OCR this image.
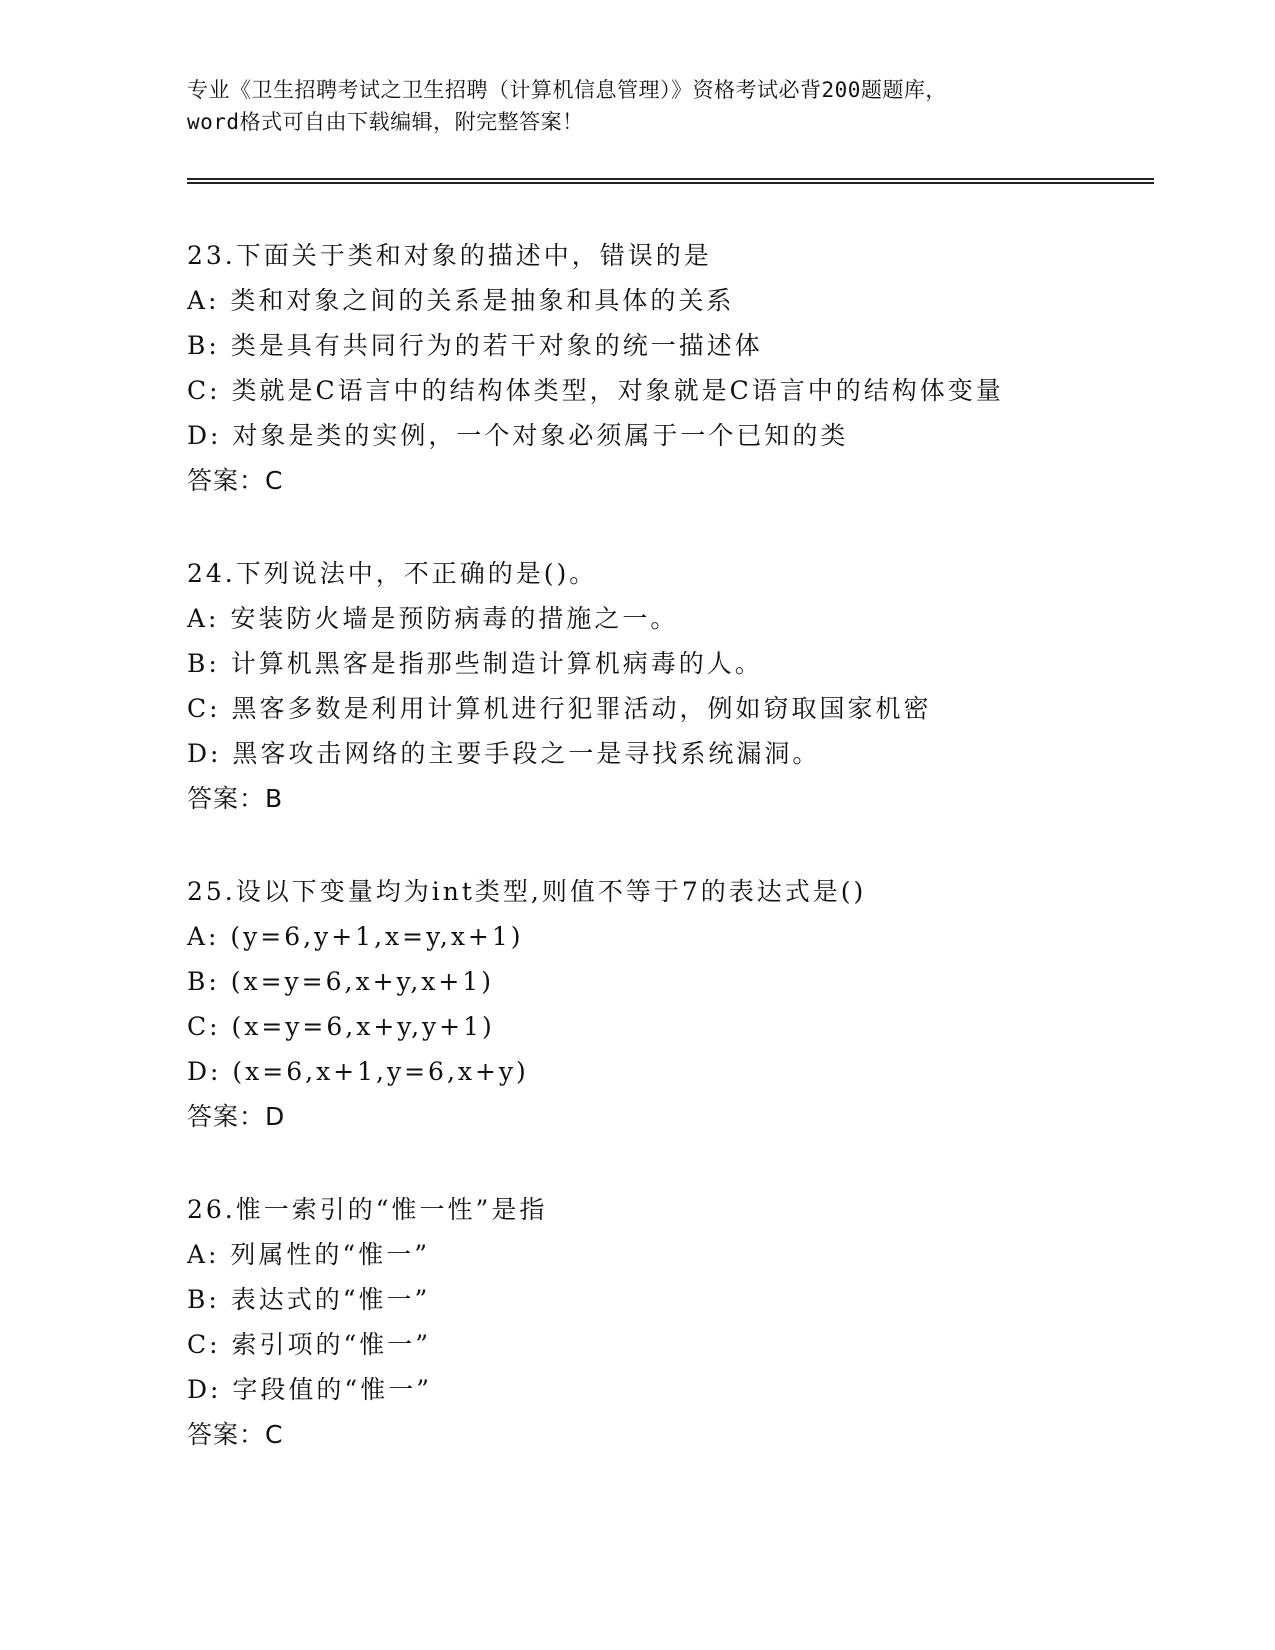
专业《卫生招聘考试之卫生招聘（计算机信息管理）》资格考试必背200题题库，
word格式可自由下载编辑，附完整答案！
23.下面关于类和对象的描述中，错误的是
A: 类和对象之间的关系是抽象和具体的关系
B: 类是具有共同行为的若干对象的统一描述体
C: 类就是C语言中的结构体类型，对象就是C语言中的结构体变量
D: 对象是类的实例，一个对象必须属于一个已知的类
答案：C
24.下列说法中，不正确的是()。
A: 安装防火墙是预防病毒的措施之一。
B: 计算机黑客是指那些制造计算机病毒的人。
C: 黑客多数是利用计算机进行犯罪活动，例如窃取国家机密
D: 黑客攻击网络的主要手段之一是寻找系统漏洞。
答案：B
25.设以下变量均为int类型,则值不等于7的表达式是()
A: (y=6,y+1,x=y,x+1)
B: (x=y=6,x+y,x+1)
C: (x=y=6,x+y,y+1)
D: (x=6,x+1,y=6,x+y)
答案：D
26.惟一索引的“惟一性”是指
A: 列属性的“惟一”
B: 表达式的“惟一”
C: 索引项的“惟一”
D: 字段值的“惟一”
答案：C
